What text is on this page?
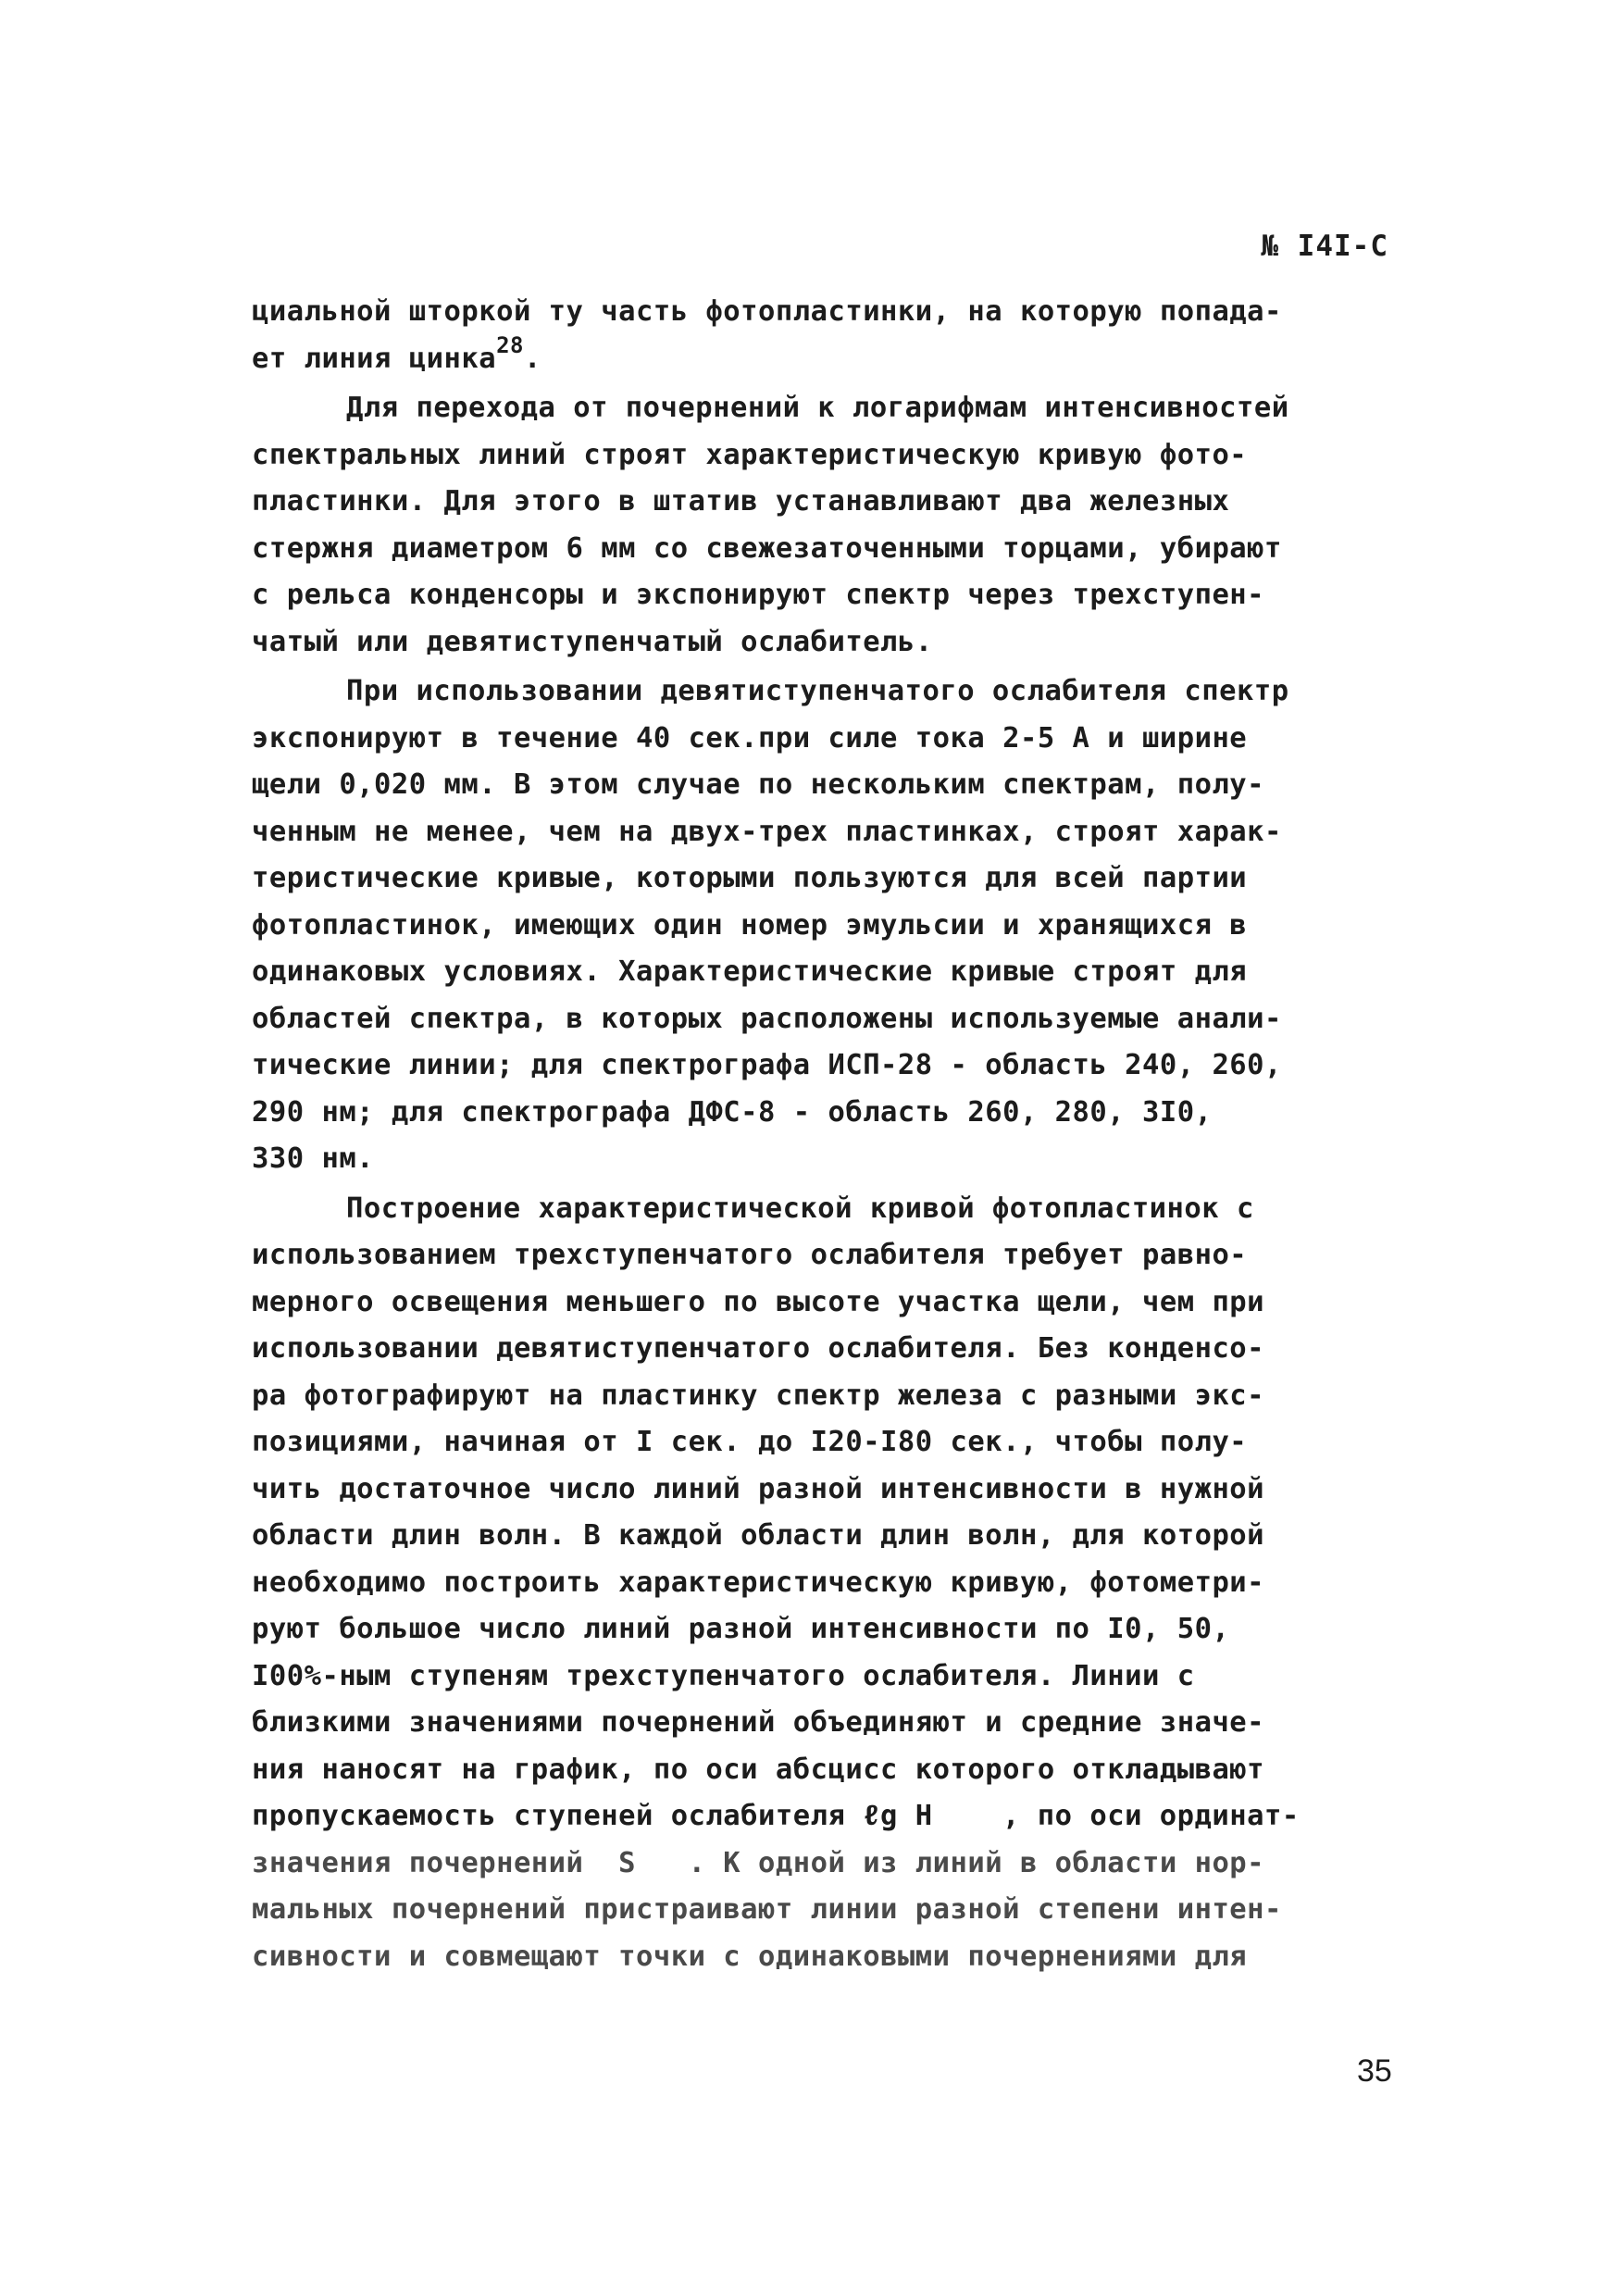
№ I4I-С
циальной шторкой ту часть фотопластинки, на которую попада-
ет линия цинка$^{28}$.
Для перехода от почернений к логарифмам интенсивностей
спектральных линий строят характеристическую кривую фото-
пластинки. Для этого в штатив устанавливают два железных
стержня диаметром 6 мм со свежезаточенными торцами, убирают
с рельса конденсоры и экспонируют спектр через трехступен-
чатый или девятиступенчатый ослабитель.
При использовании девятиступенчатого ослабителя спектр
экспонируют в течение 40 сек.при силе тока 2-5 А и ширине
щели 0,020 мм. В этом случае по нескольким спектрам, полу-
ченным не менее, чем на двух-трех пластинках, строят харак-
теристические кривые, которыми пользуются для всей партии
фотопластинок, имеющих один номер эмульсии и хранящихся в
одинаковых условиях. Характеристические кривые строят для
областей спектра, в которых расположены используемые анали-
тические линии; для спектрографа ИСП-28 - область 240, 260,
290 нм; для спектрографа ДФС-8 - область 260, 280, 3I0,
330 нм.
Построение характеристической кривой фотопластинок с
использованием трехступенчатого ослабителя требует равно-
мерного освещения меньшего по высоте участка щели, чем при
использовании девятиступенчатого ослабителя. Без конденсо-
ра фотографируют на пластинку спектр железа с разными экс-
позициями, начиная от I сек. до I20-I80 сек., чтобы полу-
чить достаточное число линий разной интенсивности в нужной
области длин волн. В каждой области длин волн, для которой
необходимо построить характеристическую кривую, фотометри-
руют большое число линий разной интенсивности по I0, 50,
I00%-ным ступеням трехступенчатого ослабителя. Линии с
близкими значениями почернений объединяют и средние значе-
ния наносят на график, по оси абсцисс которого откладывают
пропускаемость ступеней ослабителя ℓg H    , по оси ординат-
значения почернений  S   . К одной из линий в области нор-
мальных почернений пристраивают линии разной степени интен-
сивности и совмещают точки с одинаковыми почернениями для
35
